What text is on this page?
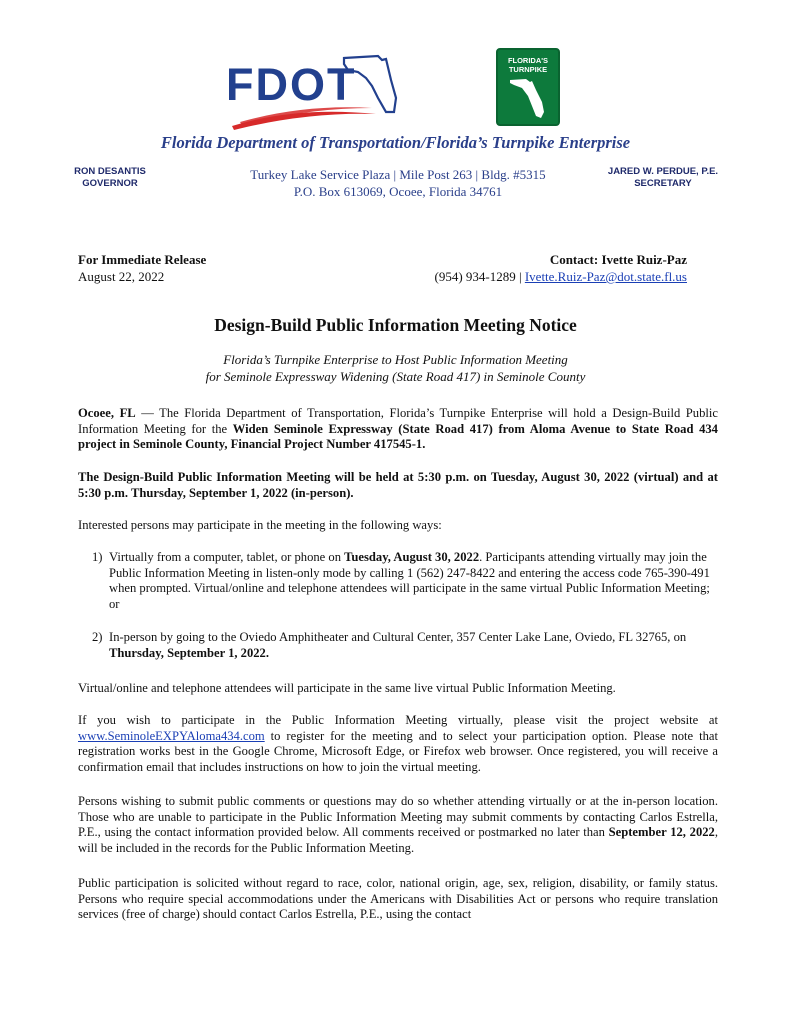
FDOT	FLORIDA'S TURNPIKE
Florida Department of Transportation/Florida’s Turnpike Enterprise
RON DESANTIS
GOVERNOR
Turkey Lake Service Plaza | Mile Post 263 | Bldg. #5315
P.O. Box 613069, Ocoee, Florida 34761
JARED W. PERDUE, P.E.
SECRETARY
For Immediate Release
August 22, 2022
Contact: Ivette Ruiz-Paz
(954) 934-1289 | Ivette.Ruiz-Paz@dot.state.fl.us
Design-Build Public Information Meeting Notice
Florida’s Turnpike Enterprise to Host Public Information Meeting
for Seminole Expressway Widening (State Road 417) in Seminole County

Ocoee, FL — The Florida Department of Transportation, Florida’s Turnpike Enterprise will hold a Design-Build Public Information Meeting for the Widen Seminole Expressway (State Road 417) from Aloma Avenue to State Road 434 project in Seminole County, Financial Project Number 417545-1.

The Design-Build Public Information Meeting will be held at 5:30 p.m. on Tuesday, August 30, 2022 (virtual) and at 5:30 p.m. Thursday, September 1, 2022 (in-person).

Interested persons may participate in the meeting in the following ways:

1) Virtually from a computer, tablet, or phone on Tuesday, August 30, 2022. Participants attending virtually may join the Public Information Meeting in listen-only mode by calling 1 (562) 247-8422 and entering the access code 765-390-491 when prompted. Virtual/online and telephone attendees will participate in the same virtual Public Information Meeting; or
2) In-person by going to the Oviedo Amphitheater and Cultural Center, 357 Center Lake Lane, Oviedo, FL 32765, on Thursday, September 1, 2022.

Virtual/online and telephone attendees will participate in the same live virtual Public Information Meeting.

If you wish to participate in the Public Information Meeting virtually, please visit the project website at www.SeminoleEXPYAloma434.com to register for the meeting and to select your participation option. Please note that registration works best in the Google Chrome, Microsoft Edge, or Firefox web browser. Once registered, you will receive a confirmation email that includes instructions on how to join the virtual meeting.

Persons wishing to submit public comments or questions may do so whether attending virtually or at the in-person location. Those who are unable to participate in the Public Information Meeting may submit comments by contacting Carlos Estrella, P.E., using the contact information provided below. All comments received or postmarked no later than September 12, 2022, will be included in the records for the Public Information Meeting.

Public participation is solicited without regard to race, color, national origin, age, sex, religion, disability, or family status. Persons who require special accommodations under the Americans with Disabilities Act or persons who require translation services (free of charge) should contact Carlos Estrella, P.E., using the contact
